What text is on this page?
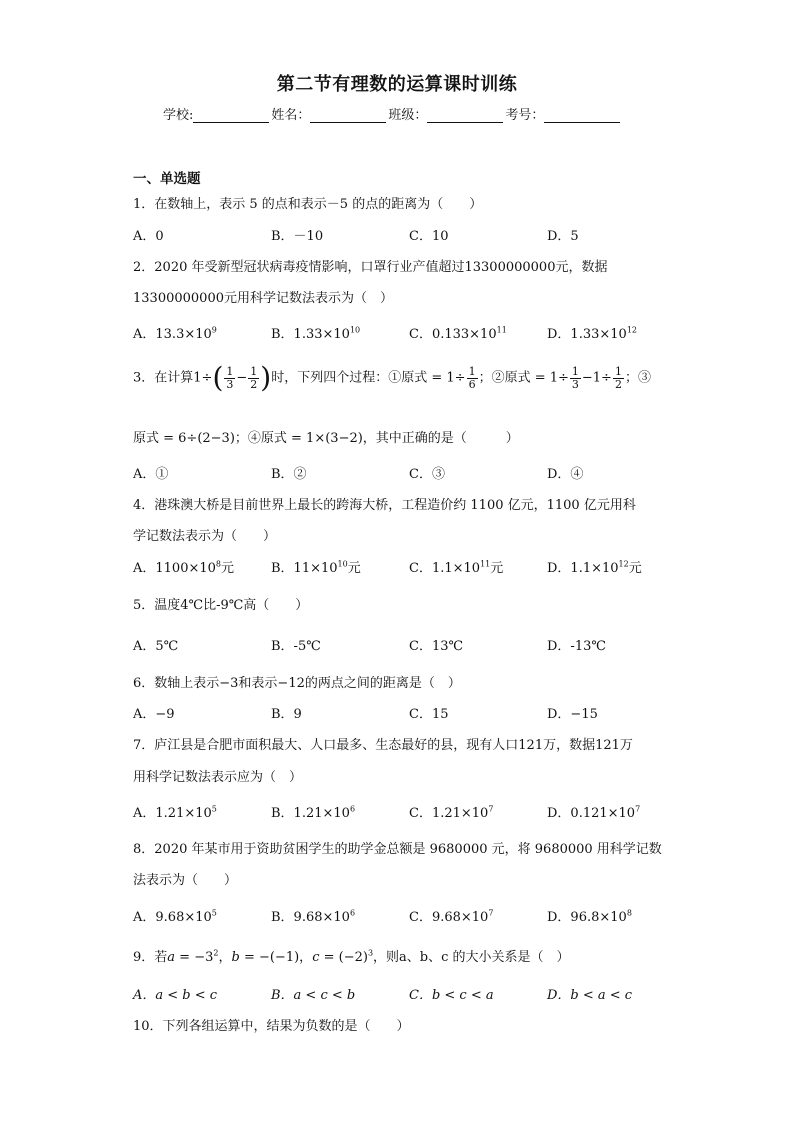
第二节有理数的运算课时训练
学校:	姓名：	班级：	考号：
一、单选题
1．在数轴上，表示 5 的点和表示－5 的点的距离为（　　）
A．0	B．－10	C．10	D．5
2．2020 年受新型冠状病毒疫情影响，口罩行业产值超过13300000000元，数据
13300000000元用科学记数法表示为（　）
A．$13.3\times 10^9$	B．$1.33\times 10^{10}$	C．$0.133\times 10^{11}$	D．$1.33\times 10^{12}$
3．在计算$1\div( \frac{1}{3} - \frac{1}{2}$ )时，下列四个过程：①原式 = $1\div \frac{1}{6}$ ；②原式 = $1\div \frac{1}{3} -1\div \frac{1}{2}$ ；③
原式 = 6÷(2−3)；④原式 = 1×(3−2)，其中正确的是（　　　）
A．①	B．②	C．③	D．④
4．港珠澳大桥是目前世界上最长的跨海大桥，工程造价约 1100 亿元，1100 亿元用科
学记数法表示为（　　）
A．$1100\times 10^8$元	B．$11\times 10^{10}$元	C．$1.1\times 10^{11}$元	D．$1.1\times 10^{12}$元
5．温度4℃比-9℃高（　　）
A．5℃	B．-5℃	C．13℃	D．-13℃
6．数轴上表示−3和表示−12的两点之间的距离是（　）
A．−9	B．9	C．15	D．−15
7．庐江县是合肥市面积最大、人口最多、生态最好的县，现有人口121万，数据121万
用科学记数法表示应为（　）
A．$1.21\times 10^5$	B．$1.21\times 10^6$	C．$1.21\times 10^7$	D．$0.121\times 10^7$
8．2020 年某市用于资助贫困学生的助学金总额是 9680000 元，将 9680000 用科学记数
法表示为（　　）
A．$9.68\times 10^5$	B．$9.68\times 10^6$	C．$9.68\times 10^7$	D．$96.8\times 10^8$
9．若$a = -3^2$，b = −(−1)，$c = (-2)^3$，则a、b、c 的大小关系是（　）
A．a < b < c	B．a < c < b	C．b < c < a	D．b < a < c
10．下列各组运算中，结果为负数的是（　　）
